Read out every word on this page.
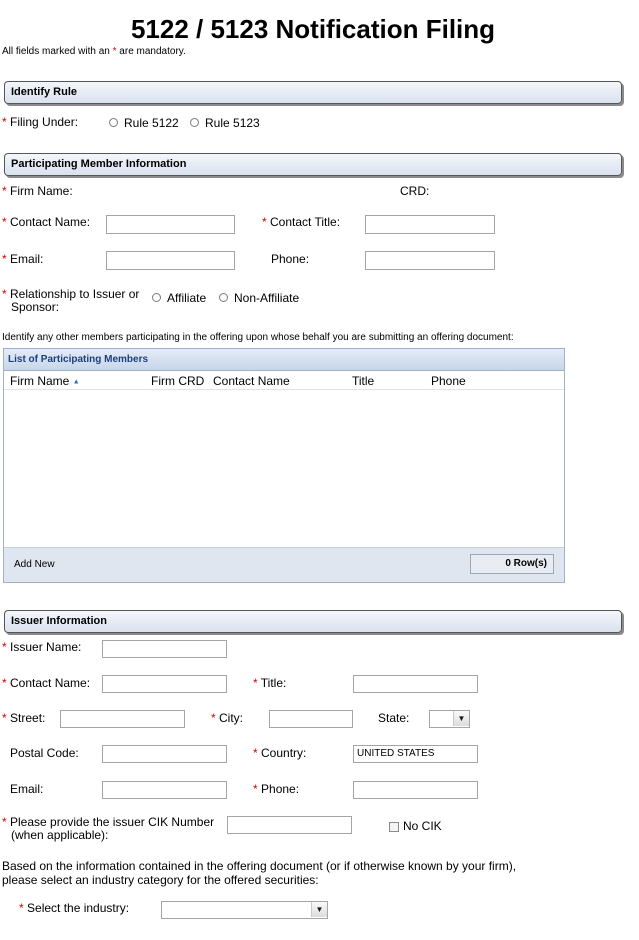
5122 / 5123 Notification Filing
All fields marked with an * are mandatory.
Identify Rule
* Filing Under:	Rule 5122 Rule 5123
Participating Member Information
* Firm Name:	CRD:
* Contact Name:	* Contact Title:
* Email:	Phone:
* Relationship to Issuer or
Sponsor:
Affiliate Non-Affiliate
Identify any other members participating in the offering upon whose behalf you are submitting an offering document:
List of Participating Members
Firm Name ▲	Firm CRD Contact Name	Title	Phone
Add New	0 Row(s)
Issuer Information
* Issuer Name:
* Contact Name:	* Title:
* Street:	* City:	State:	▼
Postal Code:	* Country:	UNITED STATES
Email:	* Phone:
* Please provide the issuer CIK Number
(when applicable):
No CIK
Based on the information contained in the offering document (or if otherwise known by your firm),
please select an industry category for the offered securities:
* Select the industry:	▼
